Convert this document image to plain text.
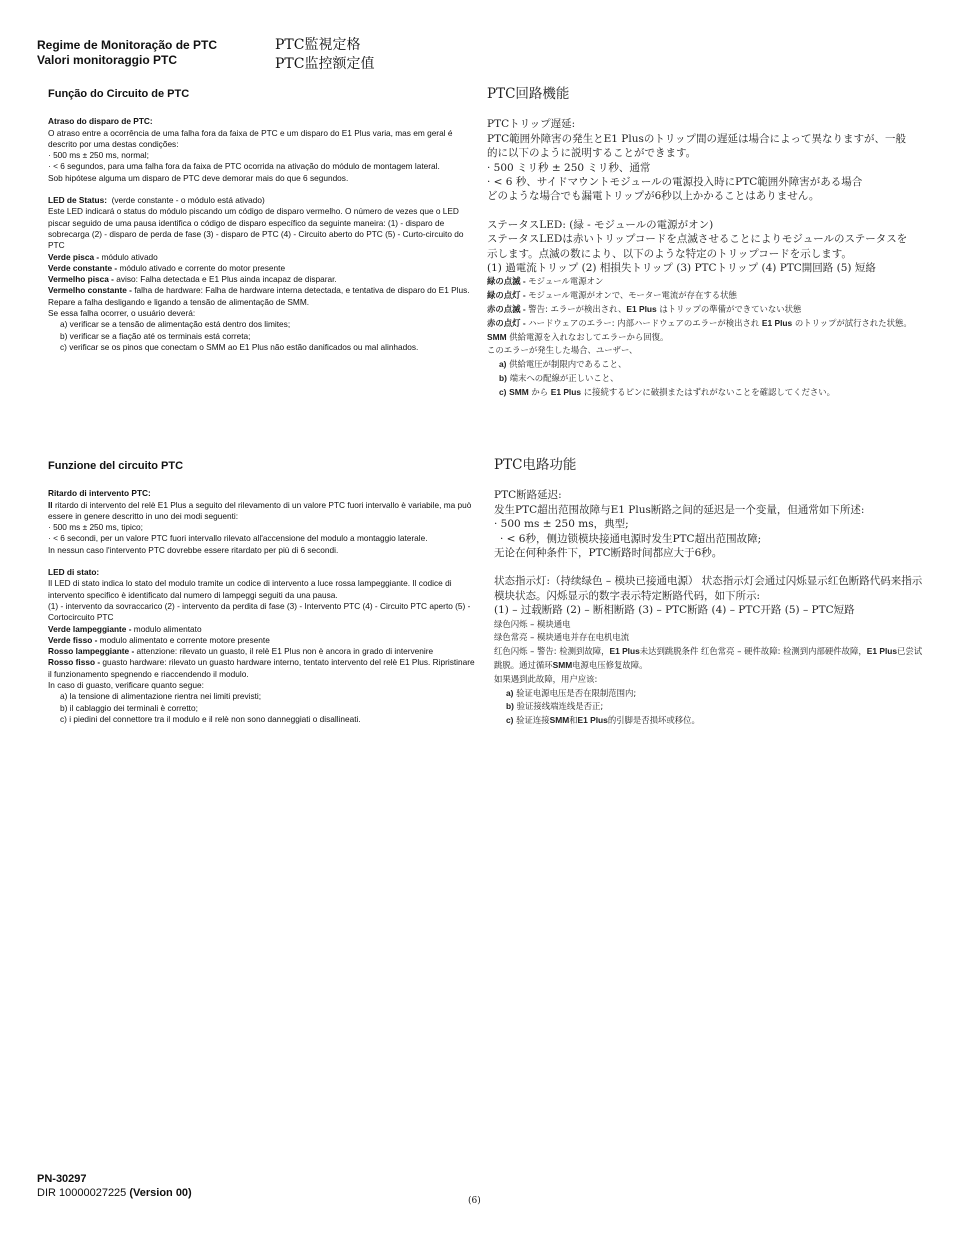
Regime de Monitoração de PTC
Valori monitoraggio PTC
PTC監視定格
PTC监控额定值
Função do Circuito de PTC

Atraso do disparo de PTC:

O atraso entre a ocorrência de uma falha fora da faixa de PTC e um disparo do E1 Plus varia, mas em geral é descrito por uma destas condições:

· 500 ms ± 250 ms, normal;

· < 6 segundos, para uma falha fora da faixa de PTC ocorrida na ativação do módulo de montagem lateral.

Sob hipótese alguma um disparo de PTC deve demorar mais do que 6 segundos.

LED de Status: (verde constante - o módulo está ativado)

Este LED indicará o status do módulo piscando um código de disparo vermelho. O número de vezes que o LED piscar seguido de uma pausa identifica o código de disparo específico da seguinte maneira: (1) - disparo de sobrecarga (2) - disparo de perda de fase (3) - disparo de PTC (4) - Circuito aberto do PTC (5) - Curto-circuito do PTC

Verde pisca - módulo ativado

Verde constante - módulo ativado e corrente do motor presente

Vermelho pisca - aviso: Falha detectada e E1 Plus ainda incapaz de disparar.

Vermelho constante - falha de hardware: Falha de hardware interna detectada, e tentativa de disparo do E1 Plus. Repare a falha desligando e ligando a tensão de alimentação de SMM.

Se essa falha ocorrer, o usuário deverá:

a) verificar se a tensão de alimentação está dentro dos limites;

b) verificar se a fiação até os terminais está correta;

c) verificar se os pinos que conectam o SMM ao E1 Plus não estão danificados ou mal alinhados.

Funzione del circuito PTC

Ritardo di intervento PTC:

Il ritardo di intervento del relè E1 Plus a seguito del rilevamento di un valore PTC fuori intervallo è variabile, ma può essere in genere descritto in uno dei modi seguenti:

· 500 ms ± 250 ms, tipico;

· < 6 secondi, per un valore PTC fuori intervallo rilevato all'accensione del modulo a montaggio laterale.

In nessun caso l'intervento PTC dovrebbe essere ritardato per più di 6 secondi.

LED di stato:

Il LED di stato indica lo stato del modulo tramite un codice di intervento a luce rossa lampeggiante. Il codice di intervento specifico è identificato dal numero di lampeggi seguiti da una pausa.

(1) - intervento da sovraccarico (2) - intervento da perdita di fase (3) - Intervento PTC (4) - Circuito PTC aperto (5) - Cortocircuito PTC

Verde lampeggiante - modulo alimentato

Verde fisso - modulo alimentato e corrente motore presente

Rosso lampeggiante - attenzione: rilevato un guasto, il relè E1 Plus non è ancora in grado di intervenire

Rosso fisso - guasto hardware: rilevato un guasto hardware interno, tentato intervento del relè E1 Plus. Ripristinare il funzionamento spegnendo e riaccendendo il modulo.

In caso di guasto, verificare quanto segue:

a) la tensione di alimentazione rientra nei limiti previsti;

b) il cablaggio dei terminali è corretto;

c) i piedini del connettore tra il modulo e il relè non sono danneggiati o disallineati.

PTC回路機能

PTCトリップ遅延:

PTC範囲外障害の発生とE1 Plusのトリップ間の遅延は場合によって異なりますが、一般的に以下のように説明することができます。

· 500 ミリ秒 ± 250 ミリ秒、通常

· < 6 秒、サイドマウントモジュールの電源投入時にPTC範囲外障害がある場合

どのような場合でも漏電トリップが6秒以上かかることはありません。

ステータスLED: (緑 - モジュールの電源がオン)

ステータスLEDは赤いトリップコードを点滅させることによりモジュールのステータスを示します。点滅の数により、以下のような特定のトリップコードを示します。

(1) 過電流トリップ (2) 相損失トリップ (3) PTCトリップ (4) PTC開回路 (5) 短絡

緑の点滅 - モジュール電源オン

緑の点灯 - モジュール電源がオンで、モーター電流が存在する状態

赤の点滅 - 警告: エラーが検出され、E1 Plus はトリップの準備ができていない状態

赤の点灯 - ハードウェアのエラー: 内部ハードウェアのエラーが検出され E1 Plus のトリップが試行された状態。SMM 供給電源を入れなおしてエラーから回復。

このエラーが発生した場合、ユーザー、

a) 供給電圧が制限内であること、

b) 端末への配線が正しいこと、

c) SMM から E1 Plus に接続するピンに破損またはずれがないことを確認してください。

PTC电路功能

PTC断路延迟:

发生PTC超出范围故障与E1 Plus断路之间的延迟是一个变量，但通常如下所述:

· 500 ms ± 250 ms，典型;

· < 6秒，侧边锁模块接通电源时发生PTC超出范围故障;

无论在何种条件下，PTC断路时间都应大于6秒。

状态指示灯:（持续绿色 – 模块已接通电源） 状态指示灯会通过闪烁显示红色断路代码来指示模块状态。闪烁显示的数字表示特定断路代码，如下所示:

(1) – 过载断路 (2) – 断相断路 (3) – PTC断路 (4) – PTC开路 (5) – PTC短路

绿色闪烁 – 模块通电

绿色常亮 – 模块通电并存在电机电流

红色闪烁 – 警告: 检测到故障，E1 Plus未达到跳脱条件 红色常亮 – 硬件故障: 检测到内部硬件故障，E1 Plus已尝试跳脱。通过循环SMM电源电压修复故障。

如果遇到此故障，用户应该:

a) 验证电源电压是否在限制范围内;

b) 验证接线端连线是否正;

c) 验证连接SMM和E1 Plus的引脚是否损坏或移位。

PN-30297
DIR 10000027225 (Version 00)
(6)
